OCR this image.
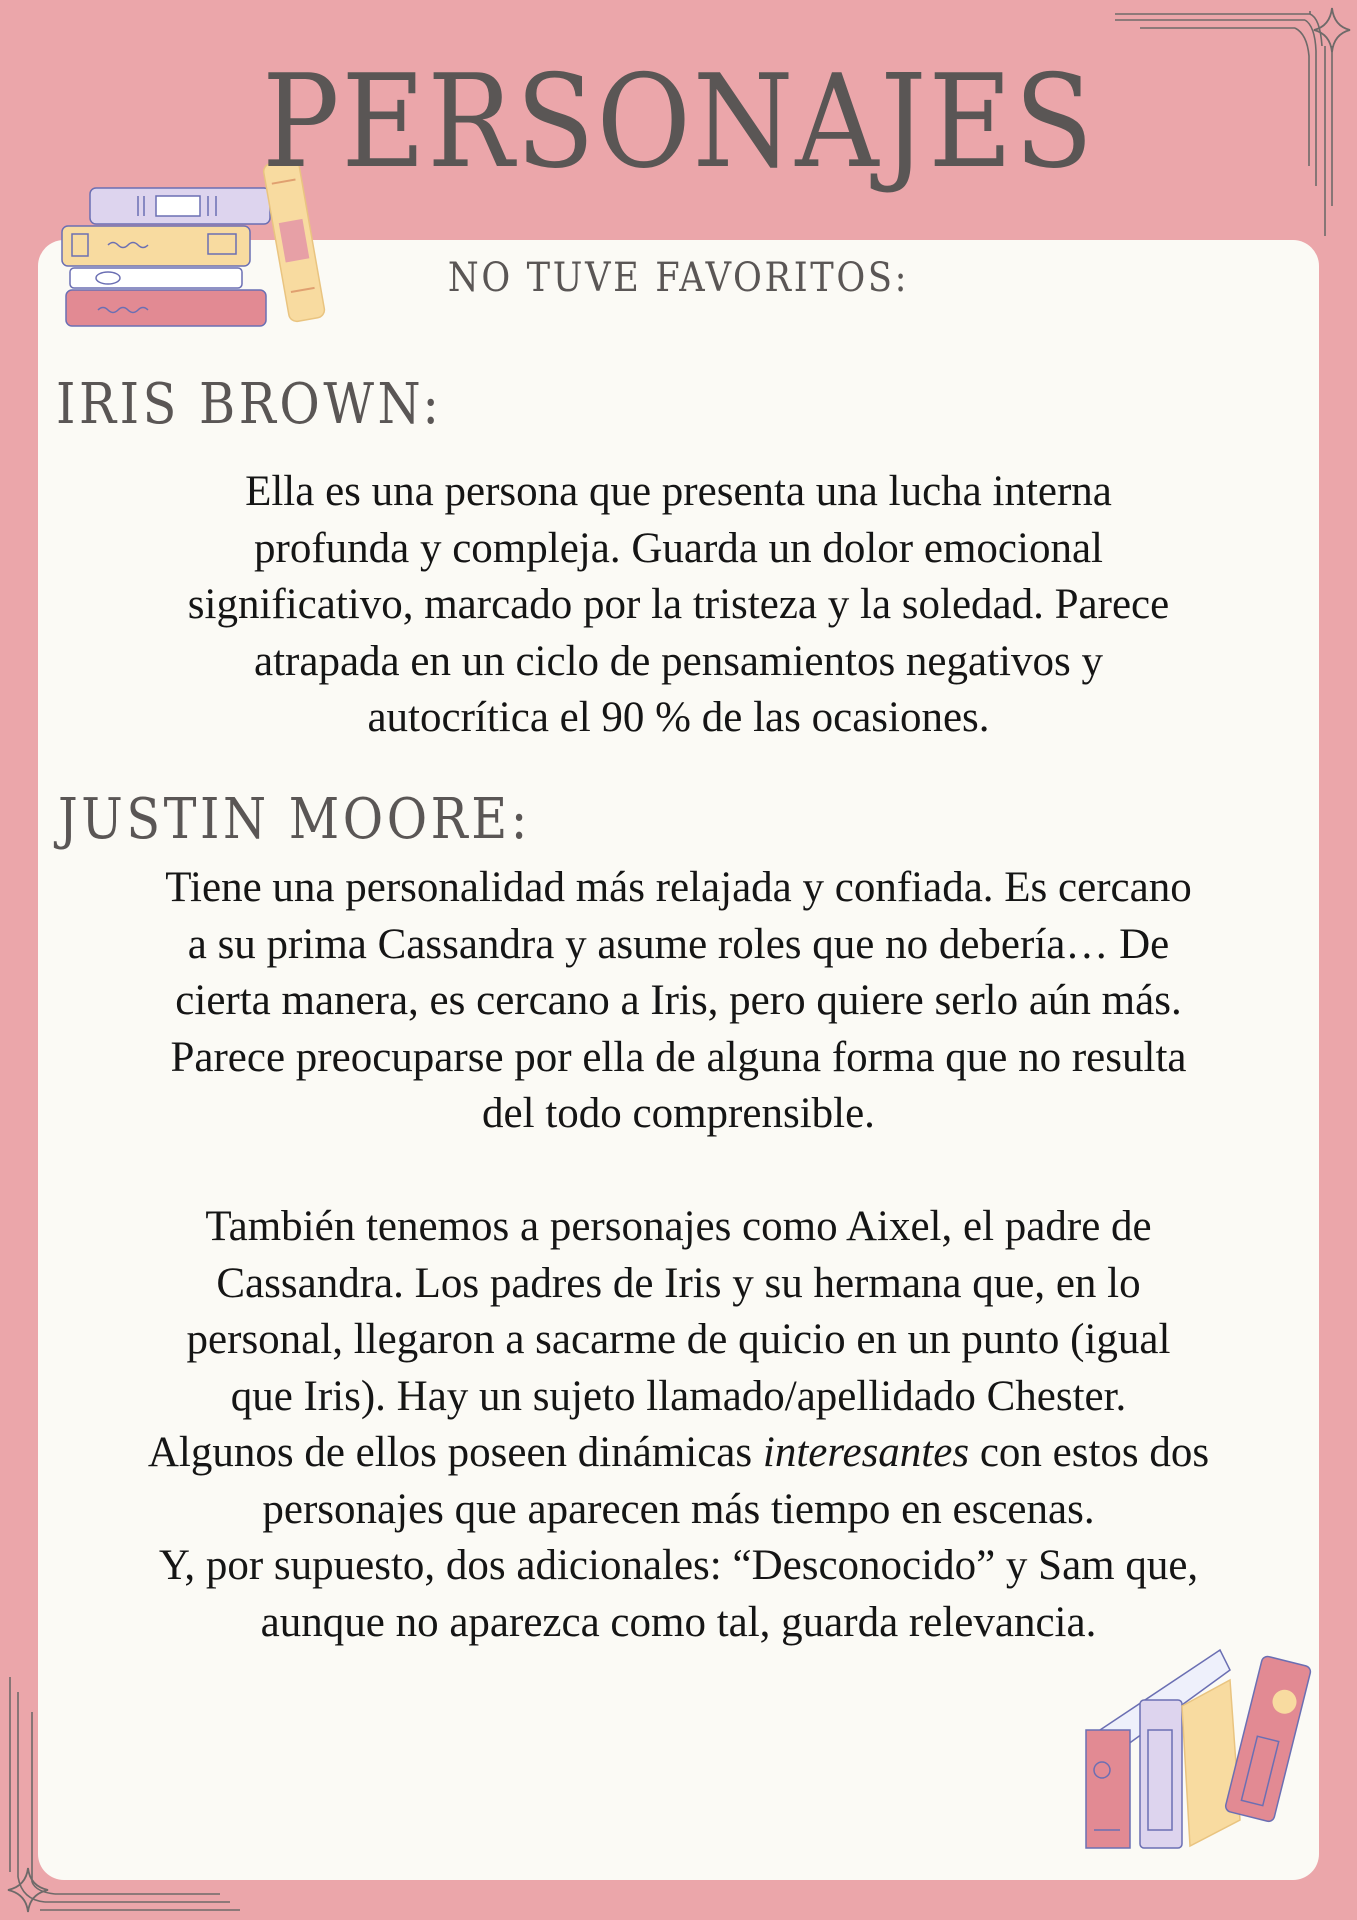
PERSONAJES
NO TUVE FAVORITOS:
IRIS BROWN:
Ella es una persona que presenta una lucha interna
profunda y compleja. Guarda un dolor emocional
significativo, marcado por la tristeza y la soledad. Parece
atrapada en un ciclo de pensamientos negativos y
autocrítica el 90 % de las ocasiones.
JUSTIN MOORE:
Tiene una personalidad más relajada y confiada. Es cercano
a su prima Cassandra y asume roles que no debería… De
cierta manera, es cercano a Iris, pero quiere serlo aún más.
Parece preocuparse por ella de alguna forma que no resulta
del todo comprensible.
También tenemos a personajes como Aixel, el padre de
Cassandra. Los padres de Iris y su hermana que, en lo
personal, llegaron a sacarme de quicio en un punto (igual
que Iris). Hay un sujeto llamado/apellidado Chester.
Algunos de ellos poseen dinámicas interesantes con estos dos
personajes que aparecen más tiempo en escenas.
Y, por supuesto, dos adicionales: “Desconocido” y Sam que,
aunque no aparezca como tal, guarda relevancia.
